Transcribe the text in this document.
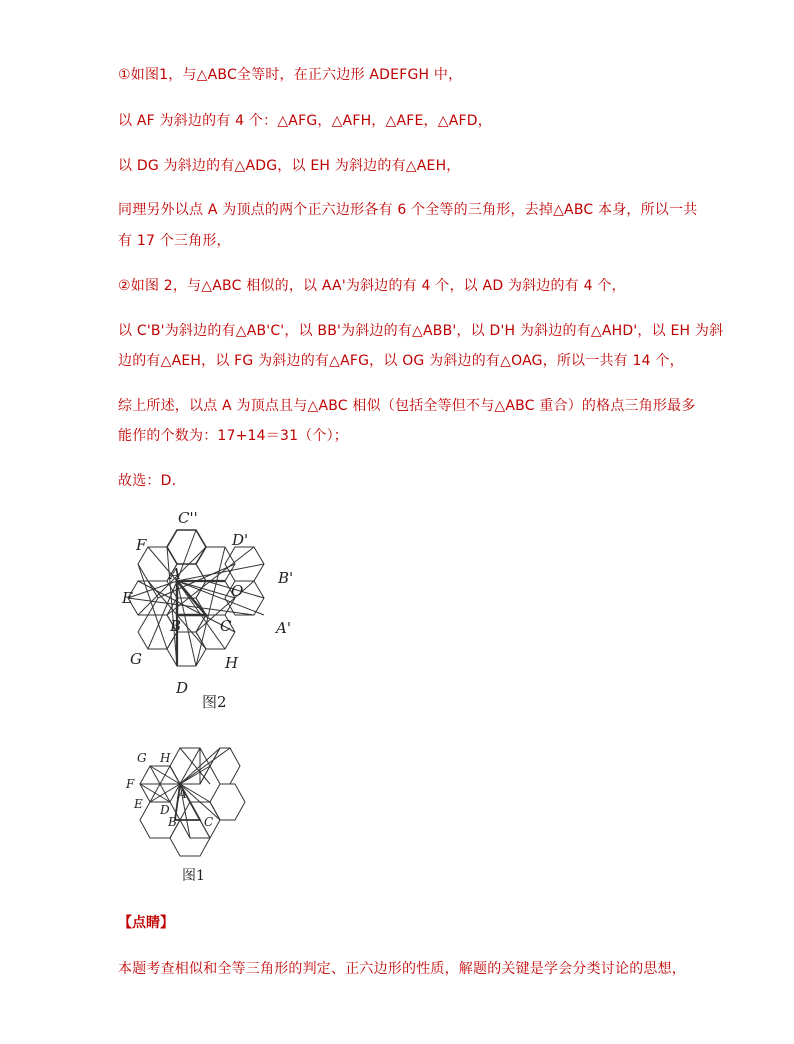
①如图1，与△ABC全等时，在正六边形 ADEFGH 中，
以 AF 为斜边的有 4 个：△AFG，△AFH，△AFE，△AFD，
以 DG 为斜边的有△ADG，以 EH 为斜边的有△AEH，
同理另外以点 A 为顶点的两个正六边形各有 6 个全等的三角形，去掉△ABC 本身，所以一共
有 17 个三角形，
②如图 2，与△ABC 相似的，以 AA'为斜边的有 4 个，以 AD 为斜边的有 4 个，
以 C'B'为斜边的有△AB'C'，以 BB'为斜边的有△ABB'，以 D'H 为斜边的有△AHD'，以 EH 为斜
边的有△AEH，以 FG 为斜边的有△AFG，以 OG 为斜边的有△OAG，所以一共有 14 个，
综上所述，以点 A 为顶点且与△ABC 相似（包括全等但不与△ABC 重合）的格点三角形最多
能作的个数为：17+14＝31（个）；
故选：D．
C''
D'
F
A	B'
E	O
B	C	A'
G	H
D
图2
G H
F
E
A
D
B C
图1
【点睛】
本题考查相似和全等三角形的判定、正六边形的性质，解题的关键是学会分类讨论的思想，
